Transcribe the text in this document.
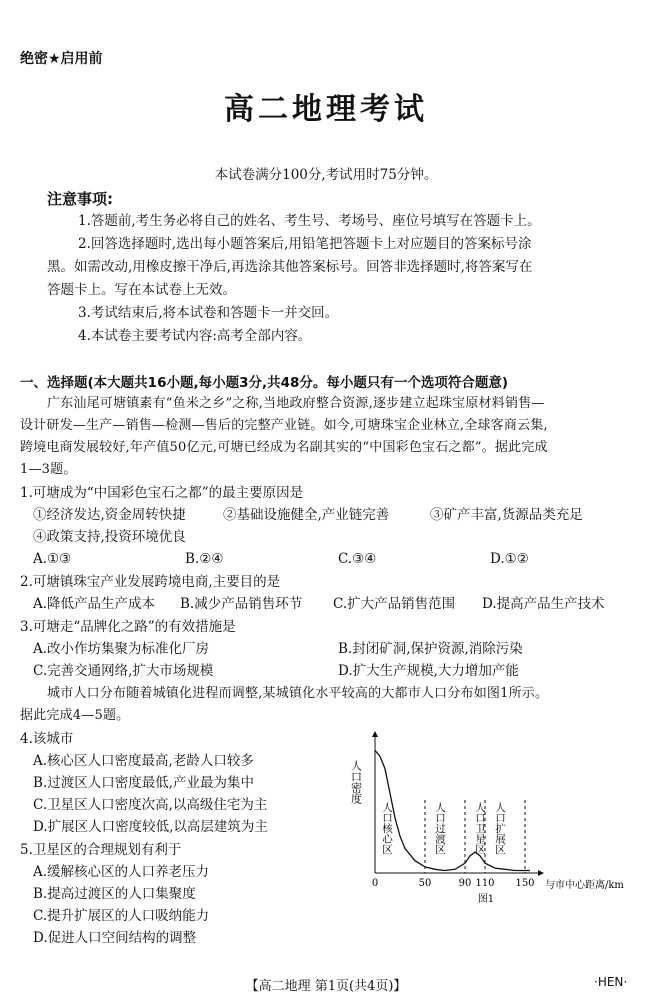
绝密★启用前
高二地理考试
本试卷满分100分,考试用时75分钟。
注意事项:
1.答题前,考生务必将自己的姓名、考生号、考场号、座位号填写在答题卡上。
2.回答选择题时,选出每小题答案后,用铅笔把答题卡上对应题目的答案标号涂
黑。如需改动,用橡皮擦干净后,再选涂其他答案标号。回答非选择题时,将答案写在
答题卡上。写在本试卷上无效。
3.考试结束后,将本试卷和答题卡一并交回。
4.本试卷主要考试内容:高考全部内容。
一、选择题(本大题共16小题,每小题3分,共48分。每小题只有一个选项符合题意)
广东汕尾可塘镇素有“鱼米之乡”之称,当地政府整合资源,逐步建立起珠宝原材料销售—
设计研发—生产—销售—检测—售后的完整产业链。如今,可塘珠宝企业林立,全球客商云集,
跨境电商发展较好,年产值50亿元,可塘已经成为名副其实的“中国彩色宝石之都”。据此完成
1—3题。
1.可塘成为“中国彩色宝石之都”的最主要原因是
①经济发达,资金周转快捷	②基础设施健全,产业链完善	③矿产丰富,货源品类充足
④政策支持,投资环境优良
A.①③	B.②④	C.③④	D.①②
2.可塘镇珠宝产业发展跨境电商,主要目的是
A.降低产品生产成本 B.减少产品销售环节 C.扩大产品销售范围 D.提高产品生产技术
3.可塘走“品牌化之路”的有效措施是
A.改小作坊集聚为标准化厂房	B.封闭矿洞,保护资源,消除污染
C.完善交通网络,扩大市场规模	D.扩大生产规模,大力增加产能
城市人口分布随着城镇化进程而调整,某城镇化水平较高的大都市人口分布如图1所示。
据此完成4—5题。
4.该城市
A.核心区人口密度最高,老龄人口较多
B.过渡区人口密度最低,产业最为集中
C.卫星区人口密度次高,以高级住宅为主
D.扩展区人口密度较低,以高层建筑为主
5.卫星区的合理规划有利于
A.缓解核心区的人口养老压力
B.提高过渡区的人口集聚度
C.提升扩展区的人口吸纳能力
D.促进人口空间结构的调整
人口密度
与市中心距离/km
图1
人口核心区	人口过渡区	人口卫星区 人口扩展区
0	50	90 110 150
【高二地理 第1页(共4页)】	·HEN·
